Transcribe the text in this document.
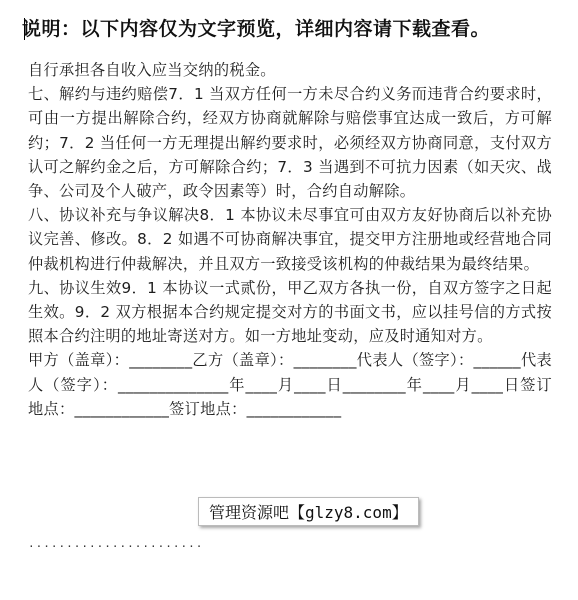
说明：以下内容仅为文字预览，详细内容请下载查看。

自行承担各自收入应当交纳的税金。

七、解约与违约赔偿7．1 当双方任何一方未尽合约义务而违背合约要求时，可由一方提出解除合约，经双方协商就解除与赔偿事宜达成一致后，方可解约；7．2 当任何一方无理提出解约要求时，必须经双方协商同意，支付双方认可之解约金之后，方可解除合约；7．3 当遇到不可抗力因素（如天灾、战争、公司及个人破产，政令因素等）时，合约自动解除。

八、协议补充与争议解决8．1 本协议未尽事宜可由双方友好协商后以补充协议完善、修改。8．2 如遇不可协商解决事宜，提交甲方注册地或经营地合同仲裁机构进行仲裁解决，并且双方一致接受该机构的仲裁结果为最终结果。

九、协议生效9．1 本协议一式贰份，甲乙双方各执一份，自双方签字之日起生效。9．2 双方根据本合约规定提交对方的书面文书，应以挂号信的方式按照本合约注明的地址寄送对方。如一方地址变动，应及时通知对方。

甲方（盖章）：________乙方（盖章）：________代表人（签字）：______代表人（签字）：______________年____月____日________年____月____日签订地点：____________签订地点：____________

·······················
管理资源吧【glzy8.com】
